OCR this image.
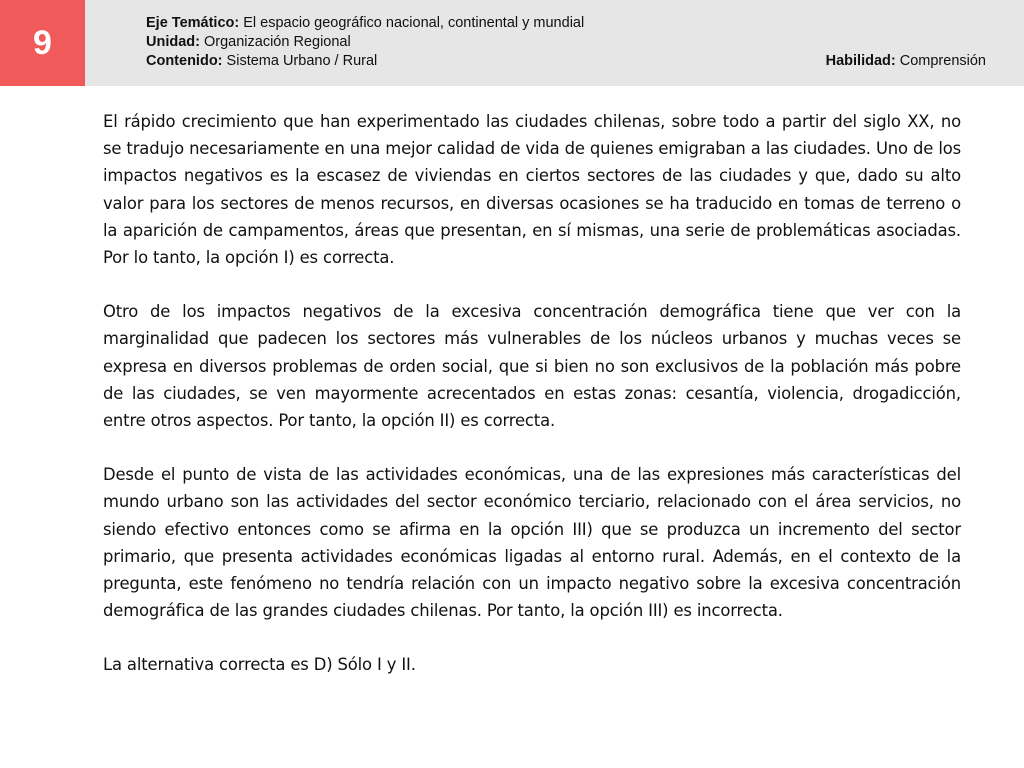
9
Eje Temático: El espacio geográfico nacional, continental y mundial
Unidad: Organización Regional
Contenido: Sistema Urbano / Rural	Habilidad: Comprensión

El rápido crecimiento que han experimentado las ciudades chilenas, sobre todo a partir del siglo XX, no se tradujo necesariamente en una mejor calidad de vida de quienes emigraban a las ciudades. Uno de los impactos negativos es la escasez de viviendas en ciertos sectores de las ciudades y que, dado su alto valor para los sectores de menos recursos, en diversas ocasiones se ha traducido en tomas de terreno o la aparición de campamentos, áreas que presentan, en sí mismas, una serie de problemáticas asociadas. Por lo tanto, la opción I) es correcta.

Otro de los impactos negativos de la excesiva concentración demográfica tiene que ver con la marginalidad que padecen los sectores más vulnerables de los núcleos urbanos y muchas veces se expresa en diversos problemas de orden social, que si bien no son exclusivos de la población más pobre de las ciudades, se ven mayormente acrecentados en estas zonas: cesantía, violencia, drogadicción, entre otros aspectos. Por tanto, la opción II) es correcta.

Desde el punto de vista de las actividades económicas, una de las expresiones más características del mundo urbano son las actividades del sector económico terciario, relacionado con el área servicios, no siendo efectivo entonces como se afirma en la opción III) que se produzca un incremento del sector primario, que presenta actividades económicas ligadas al entorno rural. Además, en el contexto de la pregunta, este fenómeno no tendría relación con un impacto negativo sobre la excesiva concentración demográfica de las grandes ciudades chilenas. Por tanto, la opción III) es incorrecta.

La alternativa correcta es D) Sólo I y II.
